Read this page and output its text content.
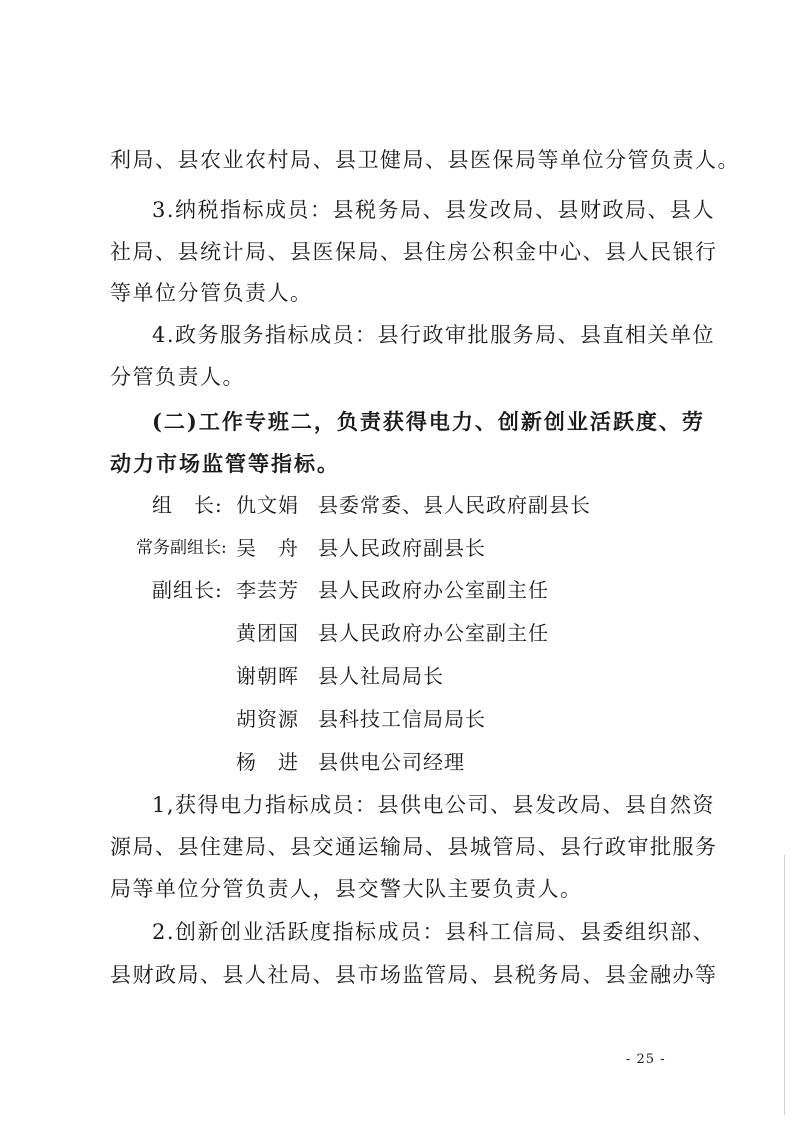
利局、县农业农村局、县卫健局、县医保局等单位分管负责人。
3.纳税指标成员：县税务局、县发改局、县财政局、县人
社局、县统计局、县医保局、县住房公积金中心、县人民银行
等单位分管负责人。
4.政务服务指标成员：县行政审批服务局、县直相关单位
分管负责人。
(二)工作专班二，负责获得电力、创新创业活跃度、劳
动力市场监管等指标。
组　长: 仇文娟 县委常委、县人民政府副县长
常务副组长: 吴　舟 县人民政府副县长
副组长: 李芸芳 县人民政府办公室副主任
黄团国 县人民政府办公室副主任
谢朝晖 县人社局局长
胡资源 县科技工信局局长
杨　进 县供电公司经理
1,获得电力指标成员：县供电公司、县发改局、县自然资
源局、县住建局、县交通运输局、县城管局、县行政审批服务
局等单位分管负责人，县交警大队主要负责人。
2.创新创业活跃度指标成员：县科工信局、县委组织部、
县财政局、县人社局、县市场监管局、县税务局、县金融办等
- 25 -
